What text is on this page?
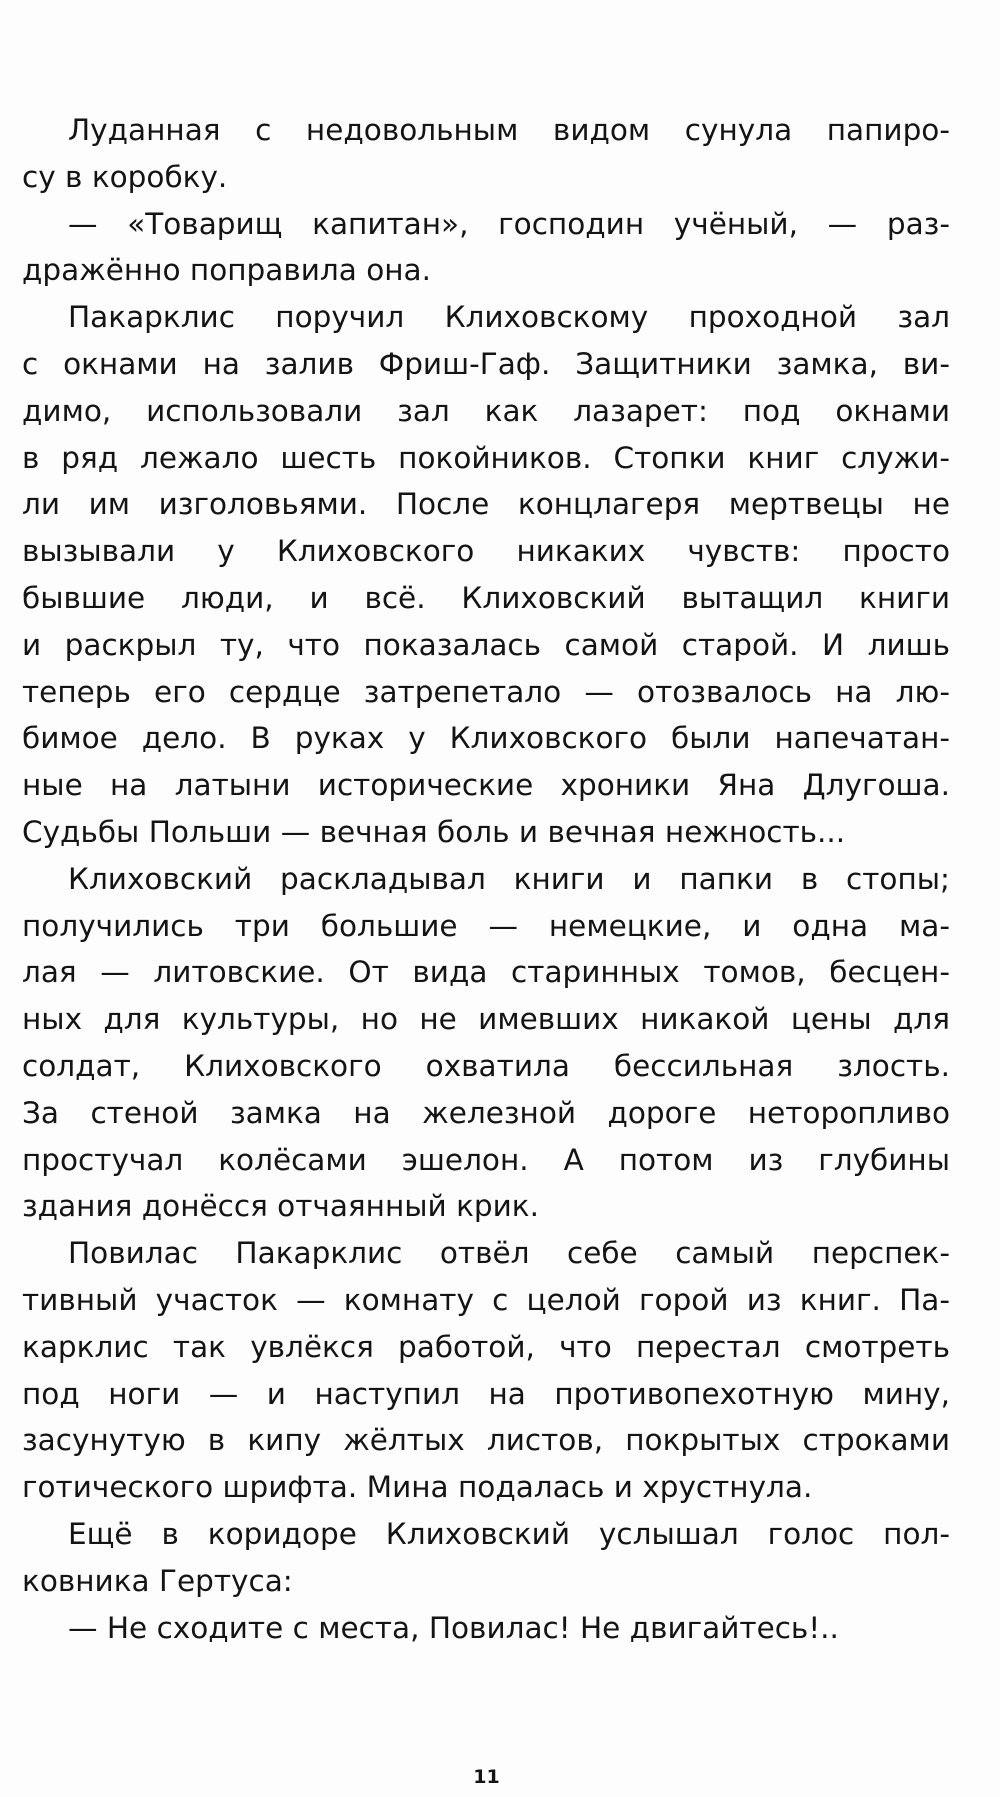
Луданная с недовольным видом сунула папиро-
су в коробку.
— «Товарищ капитан», господин учёный, — раз-
дражённо поправила она.
Пакарклис поручил Клиховскому проходной зал
с окнами на залив Фриш-Гаф. Защитники замка, ви-
димо, использовали зал как лазарет: под окнами
в ряд лежало шесть покойников. Стопки книг служи-
ли им изголовьями. После концлагеря мертвецы не
вызывали у Клиховского никаких чувств: просто
бывшие люди, и всё. Клиховский вытащил книги
и раскрыл ту, что показалась самой старой. И лишь
теперь его сердце затрепетало — отозвалось на лю-
бимое дело. В руках у Клиховского были напечатан-
ные на латыни исторические хроники Яна Длугоша.
Судьбы Польши — вечная боль и вечная нежность...
Клиховский раскладывал книги и папки в стопы;
получились три большие — немецкие, и одна ма-
лая — литовские. От вида старинных томов, бесцен-
ных для культуры, но не имевших никакой цены для
солдат, Клиховского охватила бессильная злость.
За стеной замка на железной дороге неторопливо
простучал колёсами эшелон. А потом из глубины
здания донёсся отчаянный крик.
Повилас Пакарклис отвёл себе самый перспек-
тивный участок — комнату с целой горой из книг. Па-
карклис так увлёкся работой, что перестал смотреть
под ноги — и наступил на противопехотную мину,
засунутую в кипу жёлтых листов, покрытых строками
готического шрифта. Мина подалась и хрустнула.
Ещё в коридоре Клиховский услышал голос пол-
ковника Гертуса:
— Не сходите с места, Повилас! Не двигайтесь!..
11
